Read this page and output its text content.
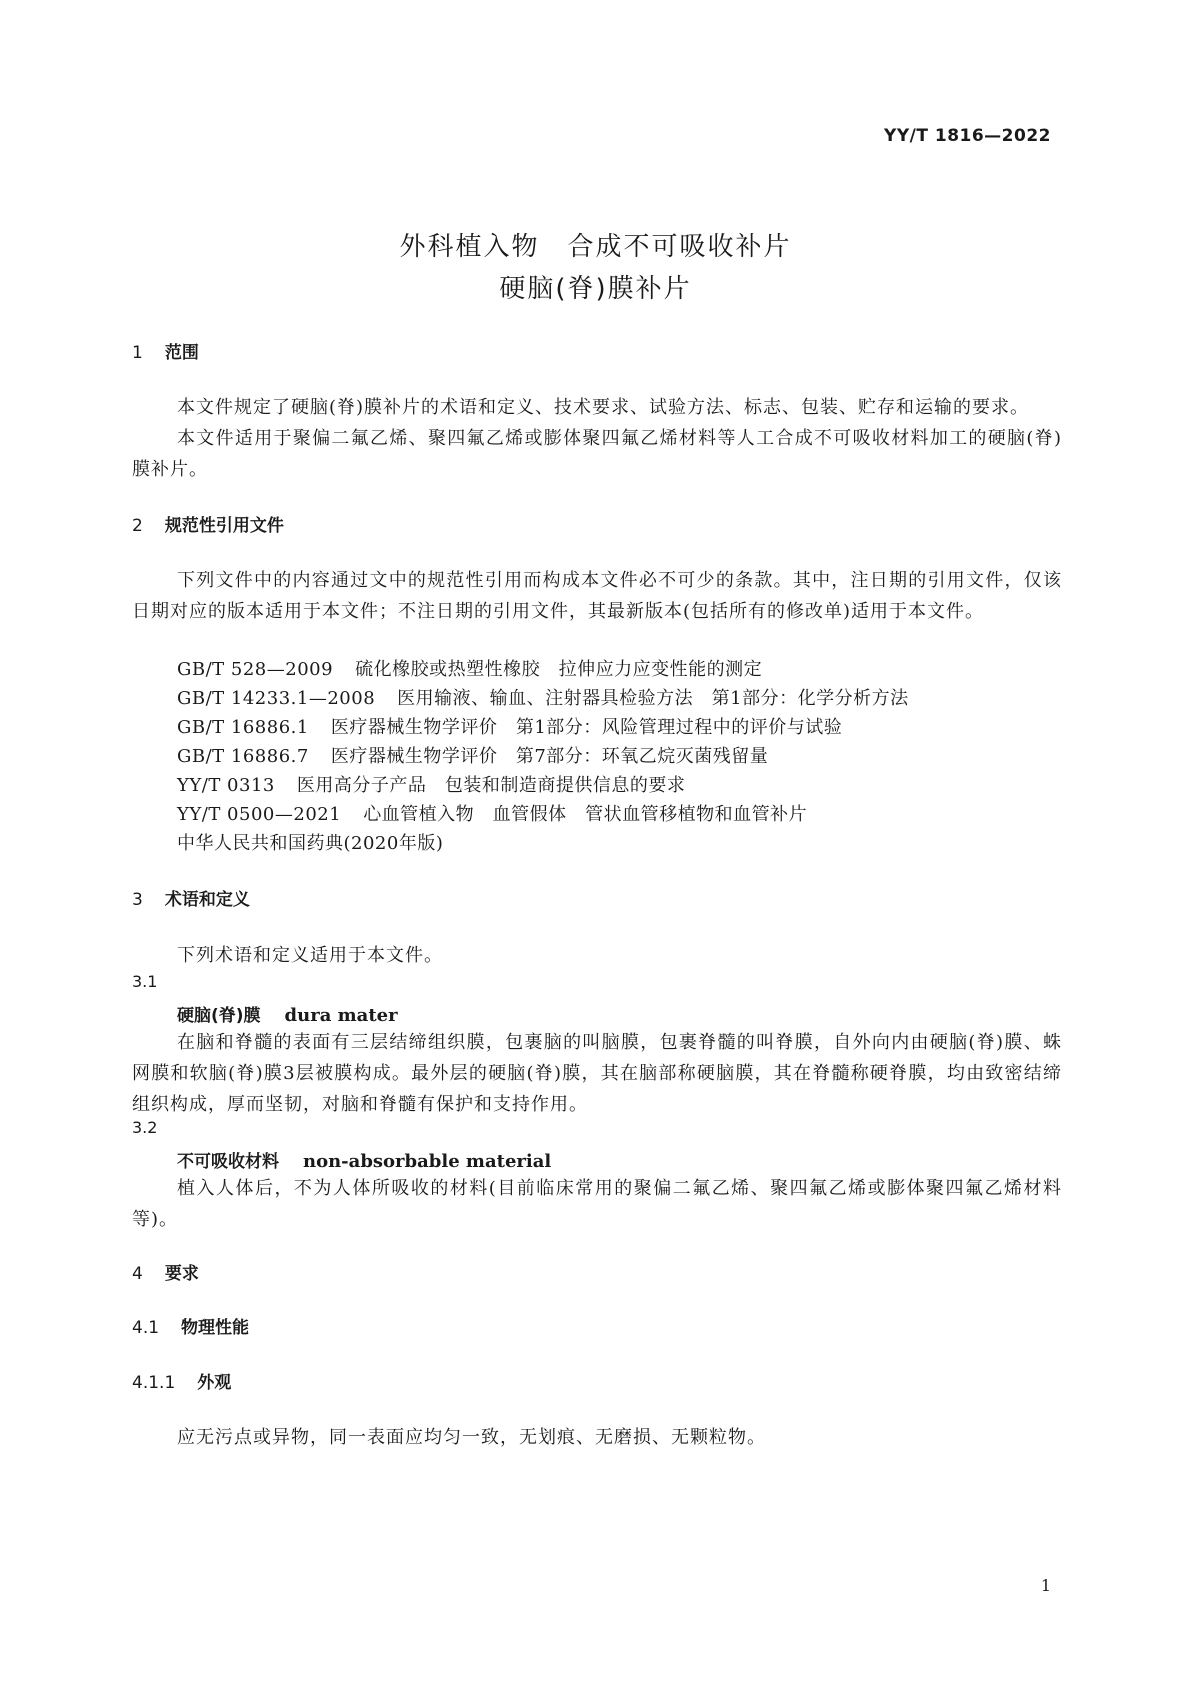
YY/T 1816—2022
外科植入物　合成不可吸收补片
硬脑(脊)膜补片
1 范围
本文件规定了硬脑(脊)膜补片的术语和定义、技术要求、试验方法、标志、包装、贮存和运输的要求。
本文件适用于聚偏二氟乙烯、聚四氟乙烯或膨体聚四氟乙烯材料等人工合成不可吸收材料加工的硬脑(脊)膜补片。
2 规范性引用文件
下列文件中的内容通过文中的规范性引用而构成本文件必不可少的条款。其中，注日期的引用文件，仅该日期对应的版本适用于本文件；不注日期的引用文件，其最新版本(包括所有的修改单)适用于本文件。
GB/T 528—2009 硫化橡胶或热塑性橡胶　拉伸应力应变性能的测定
GB/T 14233.1—2008 医用输液、输血、注射器具检验方法　第1部分：化学分析方法
GB/T 16886.1 医疗器械生物学评价　第1部分：风险管理过程中的评价与试验
GB/T 16886.7 医疗器械生物学评价　第7部分：环氧乙烷灭菌残留量
YY/T 0313 医用高分子产品　包装和制造商提供信息的要求
YY/T 0500—2021 心血管植入物　血管假体　管状血管移植物和血管补片
中华人民共和国药典(2020年版)
3 术语和定义
下列术语和定义适用于本文件。
3.1
硬脑(脊)膜 dura mater
在脑和脊髓的表面有三层结缔组织膜，包裹脑的叫脑膜，包裹脊髓的叫脊膜，自外向内由硬脑(脊)膜、蛛网膜和软脑(脊)膜3层被膜构成。最外层的硬脑(脊)膜，其在脑部称硬脑膜，其在脊髓称硬脊膜，均由致密结缔组织构成，厚而坚韧，对脑和脊髓有保护和支持作用。
3.2
不可吸收材料 non-absorbable material
植入人体后，不为人体所吸收的材料(目前临床常用的聚偏二氟乙烯、聚四氟乙烯或膨体聚四氟乙烯材料等)。
4 要求
4.1 物理性能
4.1.1 外观
应无污点或异物，同一表面应均匀一致，无划痕、无磨损、无颗粒物。
1
